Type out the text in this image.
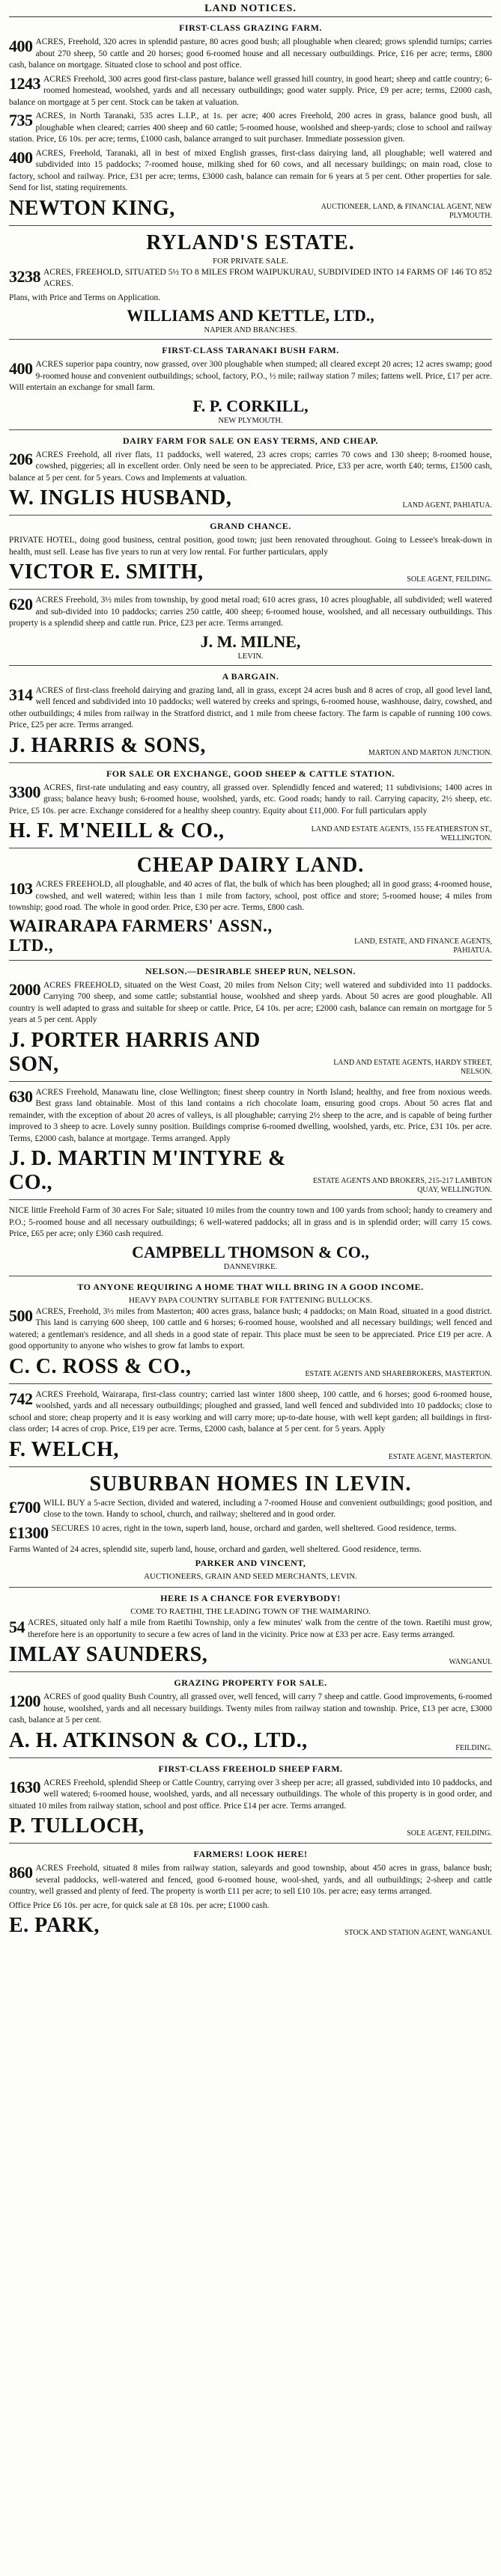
LAND NOTICES.
FIRST-CLASS GRAZING FARM.
400 ACRES, Freehold, 320 acres in splendid pasture, 80 acres good bush; all ploughable when cleared; grows splendid turnips; carries about 270 sheep, 50 cattle and 20 horses; good 6-roomed house and all necessary outbuildings. Price, £16 per acre; terms, £800 cash, balance on mortgage. Situated close to school and post office.
1243 ACRES Freehold, 300 acres good first-class pasture, balance well grassed hill country, in good heart; sheep and cattle country; 6-roomed homestead, woolshed, yards and all necessary outbuildings; good water supply. Price, £9 per acre; terms, £2000 cash, balance on mortgage at 5 per cent. Stock can be taken at valuation.
735 ACRES, in North Taranaki, 535 acres L.I.P., at 1s. per acre; 400 acres Freehold, 200 acres in grass, balance good bush, all ploughable when cleared; carries 400 sheep and 60 cattle; 5-roomed house, woolshed and sheep-yards; close to school and railway station. Price, £6 10s. per acre; terms, £1000 cash, balance arranged to suit purchaser. Immediate possession given.
400 ACRES, Freehold, Taranaki, all in best of mixed English grasses, first-class dairying land, all ploughable; well watered and subdivided into 15 paddocks; 7-roomed house, milking shed for 60 cows, and all necessary buildings; on main road, close to factory, school and railway. Price, £31 per acre; terms, £3000 cash, balance can remain for 6 years at 5 per cent. Other properties for sale. Send for list, stating requirements.
NEWTON KING,	AUCTIONEER, LAND, & FINANCIAL AGENT, NEW PLYMOUTH.
RYLAND'S ESTATE.
FOR PRIVATE SALE.
3238 ACRES, FREEHOLD, SITUATED 5½ TO 8 MILES FROM WAIPUKURAU, SUBDIVIDED INTO 14 FARMS OF 146 TO 852 ACRES.
Plans, with Price and Terms on Application.
WILLIAMS AND KETTLE, LTD.,
NAPIER AND BRANCHES.
FIRST-CLASS TARANAKI BUSH FARM.
400 ACRES superior papa country, now grassed, over 300 ploughable when stumped; all cleared except 20 acres; 12 acres swamp; good 9-roomed house and convenient outbuildings; school, factory, P.O., ½ mile; railway station 7 miles; fattens well. Price, £17 per acre. Will entertain an exchange for small farm.
F. P. CORKILL,
NEW PLYMOUTH.
DAIRY FARM FOR SALE ON EASY TERMS, AND CHEAP.
206 ACRES Freehold, all river flats, 11 paddocks, well watered, 23 acres crops; carries 70 cows and 130 sheep; 8-roomed house, cowshed, piggeries; all in excellent order. Only need be seen to be appreciated. Price, £33 per acre, worth £40; terms, £1500 cash, balance at 5 per cent. for 5 years. Cows and Implements at valuation.
W. INGLIS HUSBAND,	LAND AGENT, PAHIATUA.
GRAND CHANCE.
PRIVATE HOTEL, doing good business, central position, good town; just been renovated throughout. Going to Lessee's break-down in health, must sell. Lease has five years to run at very low rental. For further particulars, apply
VICTOR E. SMITH,	SOLE AGENT, FEILDING.
620 ACRES Freehold, 3½ miles from township, by good metal road; 610 acres grass, 10 acres ploughable, all subdivided; well watered and sub-divided into 10 paddocks; carries 250 cattle, 400 sheep; 6-roomed house, woolshed, and all necessary outbuildings. This property is a splendid sheep and cattle run. Price, £23 per acre. Terms arranged.
J. M. MILNE,
LEVIN.
A BARGAIN.
314 ACRES of first-class freehold dairying and grazing land, all in grass, except 24 acres bush and 8 acres of crop, all good level land, well fenced and subdivided into 10 paddocks; well watered by creeks and springs, 6-roomed house, washhouse, dairy, cowshed, and other outbuildings; 4 miles from railway in the Stratford district, and 1 mile from cheese factory. The farm is capable of running 100 cows. Price, £25 per acre. Terms arranged.
J. HARRIS & SONS,	MARTON AND MARTON JUNCTION.
FOR SALE OR EXCHANGE, GOOD SHEEP & CATTLE STATION.
3300 ACRES, first-rate undulating and easy country, all grassed over. Splendidly fenced and watered; 11 subdivisions; 1400 acres in grass; balance heavy bush; 6-roomed house, woolshed, yards, etc. Good roads; handy to rail. Carrying capacity, 2½ sheep, etc. Price, £5 10s. per acre. Exchange considered for a healthy sheep country. Equity about £11,000. For full particulars apply
H. F. M'NEILL & CO.,	LAND AND ESTATE AGENTS, 155 FEATHERSTON ST., WELLINGTON.
CHEAP DAIRY LAND.
103 ACRES FREEHOLD, all ploughable, and 40 acres of flat, the bulk of which has been ploughed; all in good grass; 4-roomed house, cowshed, and well watered; within less than 1 mile from factory, school, post office and store; 5-roomed house; 4 miles from township; good road. The whole in good order. Price, £30 per acre. Terms, £800 cash.
WAIRARAPA FARMERS' ASSN., LTD.,	LAND, ESTATE, AND FINANCE AGENTS, PAHIATUA.
NELSON.—DESIRABLE SHEEP RUN, NELSON.
2000 ACRES FREEHOLD, situated on the West Coast, 20 miles from Nelson City; well watered and subdivided into 11 paddocks. Carrying 700 sheep, and some cattle; substantial house, woolshed and sheep yards. About 50 acres are good ploughable. All country is well adapted to grass and suitable for sheep or cattle. Price, £4 10s. per acre; £2000 cash, balance can remain on mortgage for 5 years at 5 per cent. Apply
J. PORTER HARRIS AND SON,	LAND AND ESTATE AGENTS, HARDY STREET, NELSON.
630 ACRES Freehold, Manawatu line, close Wellington; finest sheep country in North Island; healthy, and free from noxious weeds. Best grass land obtainable. Most of this land contains a rich chocolate loam, ensuring good crops. About 50 acres flat and remainder, with the exception of about 20 acres of valleys, is all ploughable; carrying 2½ sheep to the acre, and is capable of being further improved to 3 sheep to acre. Lovely sunny position. Buildings comprise 6-roomed dwelling, woolshed, yards, etc. Price, £31 10s. per acre. Terms, £2000 cash, balance at mortgage. Terms arranged. Apply
J. D. MARTIN M'INTYRE & CO.,	ESTATE AGENTS AND BROKERS, 215-217 LAMBTON QUAY, WELLINGTON.
NICE little Freehold Farm of 30 acres For Sale; situated 10 miles from the country town and 100 yards from school; handy to creamery and P.O.; 5-roomed house and all necessary outbuildings; 6 well-watered paddocks; all in grass and is in splendid order; will carry 15 cows. Price, £65 per acre; only £360 cash required.
CAMPBELL THOMSON & CO.,
DANNEVIRKE.
TO ANYONE REQUIRING A HOME THAT WILL BRING IN A GOOD INCOME.
HEAVY PAPA COUNTRY SUITABLE FOR FATTENING BULLOCKS.
500 ACRES, Freehold, 3½ miles from Masterton; 400 acres grass, balance bush; 4 paddocks; on Main Road, situated in a good district. This land is carrying 600 sheep, 100 cattle and 6 horses; 6-roomed house, woolshed and all necessary buildings; well fenced and watered; a gentleman's residence, and all sheds in a good state of repair. This place must be seen to be appreciated. Price £19 per acre. A good opportunity to anyone who wishes to grow fat lambs to export.
C. C. ROSS & CO.,	ESTATE AGENTS AND SHAREBROKERS, MASTERTON.
742 ACRES Freehold, Wairarapa, first-class country; carried last winter 1800 sheep, 100 cattle, and 6 horses; good 6-roomed house, woolshed, yards and all necessary outbuildings; ploughed and grassed, land well fenced and subdivided into 10 paddocks; close to school and store; cheap property and it is easy working and will carry more; up-to-date house, with well kept garden; all buildings in first-class order; 14 acres of crop. Price, £19 per acre. Terms, £2000 cash, balance at 5 per cent. for 5 years. Apply
F. WELCH,	ESTATE AGENT, MASTERTON.
SUBURBAN HOMES IN LEVIN.
£700 WILL BUY a 5-acre Section, divided and watered, including a 7-roomed House and convenient outbuildings; good position, and close to the town. Handy to school, church, and railway; sheltered and in good order.
£1300 SECURES 10 acres, right in the town, superb land, house, orchard and garden, well sheltered. Good residence, terms.
Farms Wanted of 24 acres, splendid site, superb land, house, orchard and garden, well sheltered. Good residence, terms.
PARKER AND VINCENT,
AUCTIONEERS, GRAIN AND SEED MERCHANTS, LEVIN.
HERE IS A CHANCE FOR EVERYBODY!
COME TO RAETIHI, THE LEADING TOWN OF THE WAIMARINO.
54 ACRES, situated only half a mile from Raetihi Township, only a few minutes' walk from the centre of the town. Raetihi must grow, therefore here is an opportunity to secure a few acres of land in the vicinity. Price now at £33 per acre. Easy terms arranged.
IMLAY SAUNDERS,	WANGANUI.
GRAZING PROPERTY FOR SALE.
1200 ACRES of good quality Bush Country, all grassed over, well fenced, will carry 7 sheep and cattle. Good improvements, 6-roomed house, woolshed, yards and all necessary buildings. Twenty miles from railway station and township. Price, £13 per acre, £3000 cash, balance at 5 per cent.
A. H. ATKINSON & CO., LTD.,	FEILDING.
FIRST-CLASS FREEHOLD SHEEP FARM.
1630 ACRES Freehold, splendid Sheep or Cattle Country, carrying over 3 sheep per acre; all grassed, subdivided into 10 paddocks, and well watered; 6-roomed house, woolshed, yards, and all necessary outbuildings. The whole of this property is in good order, and situated 10 miles from railway station, school and post office. Price £14 per acre. Terms arranged.
P. TULLOCH,	SOLE AGENT, FEILDING.
FARMERS! LOOK HERE!
860 ACRES Freehold, situated 8 miles from railway station, saleyards and good township, about 450 acres in grass, balance bush; several paddocks, well-watered and fenced, good 6-roomed house, wool-shed, yards, and all outbuildings; 2-sheep and cattle country, well grassed and plenty of feed. The property is worth £11 per acre; to sell £10 10s. per acre; easy terms arranged.
Office Price £6 10s. per acre, for quick sale at £8 10s. per acre; £1000 cash.
E. PARK,	STOCK AND STATION AGENT, WANGANUI.
